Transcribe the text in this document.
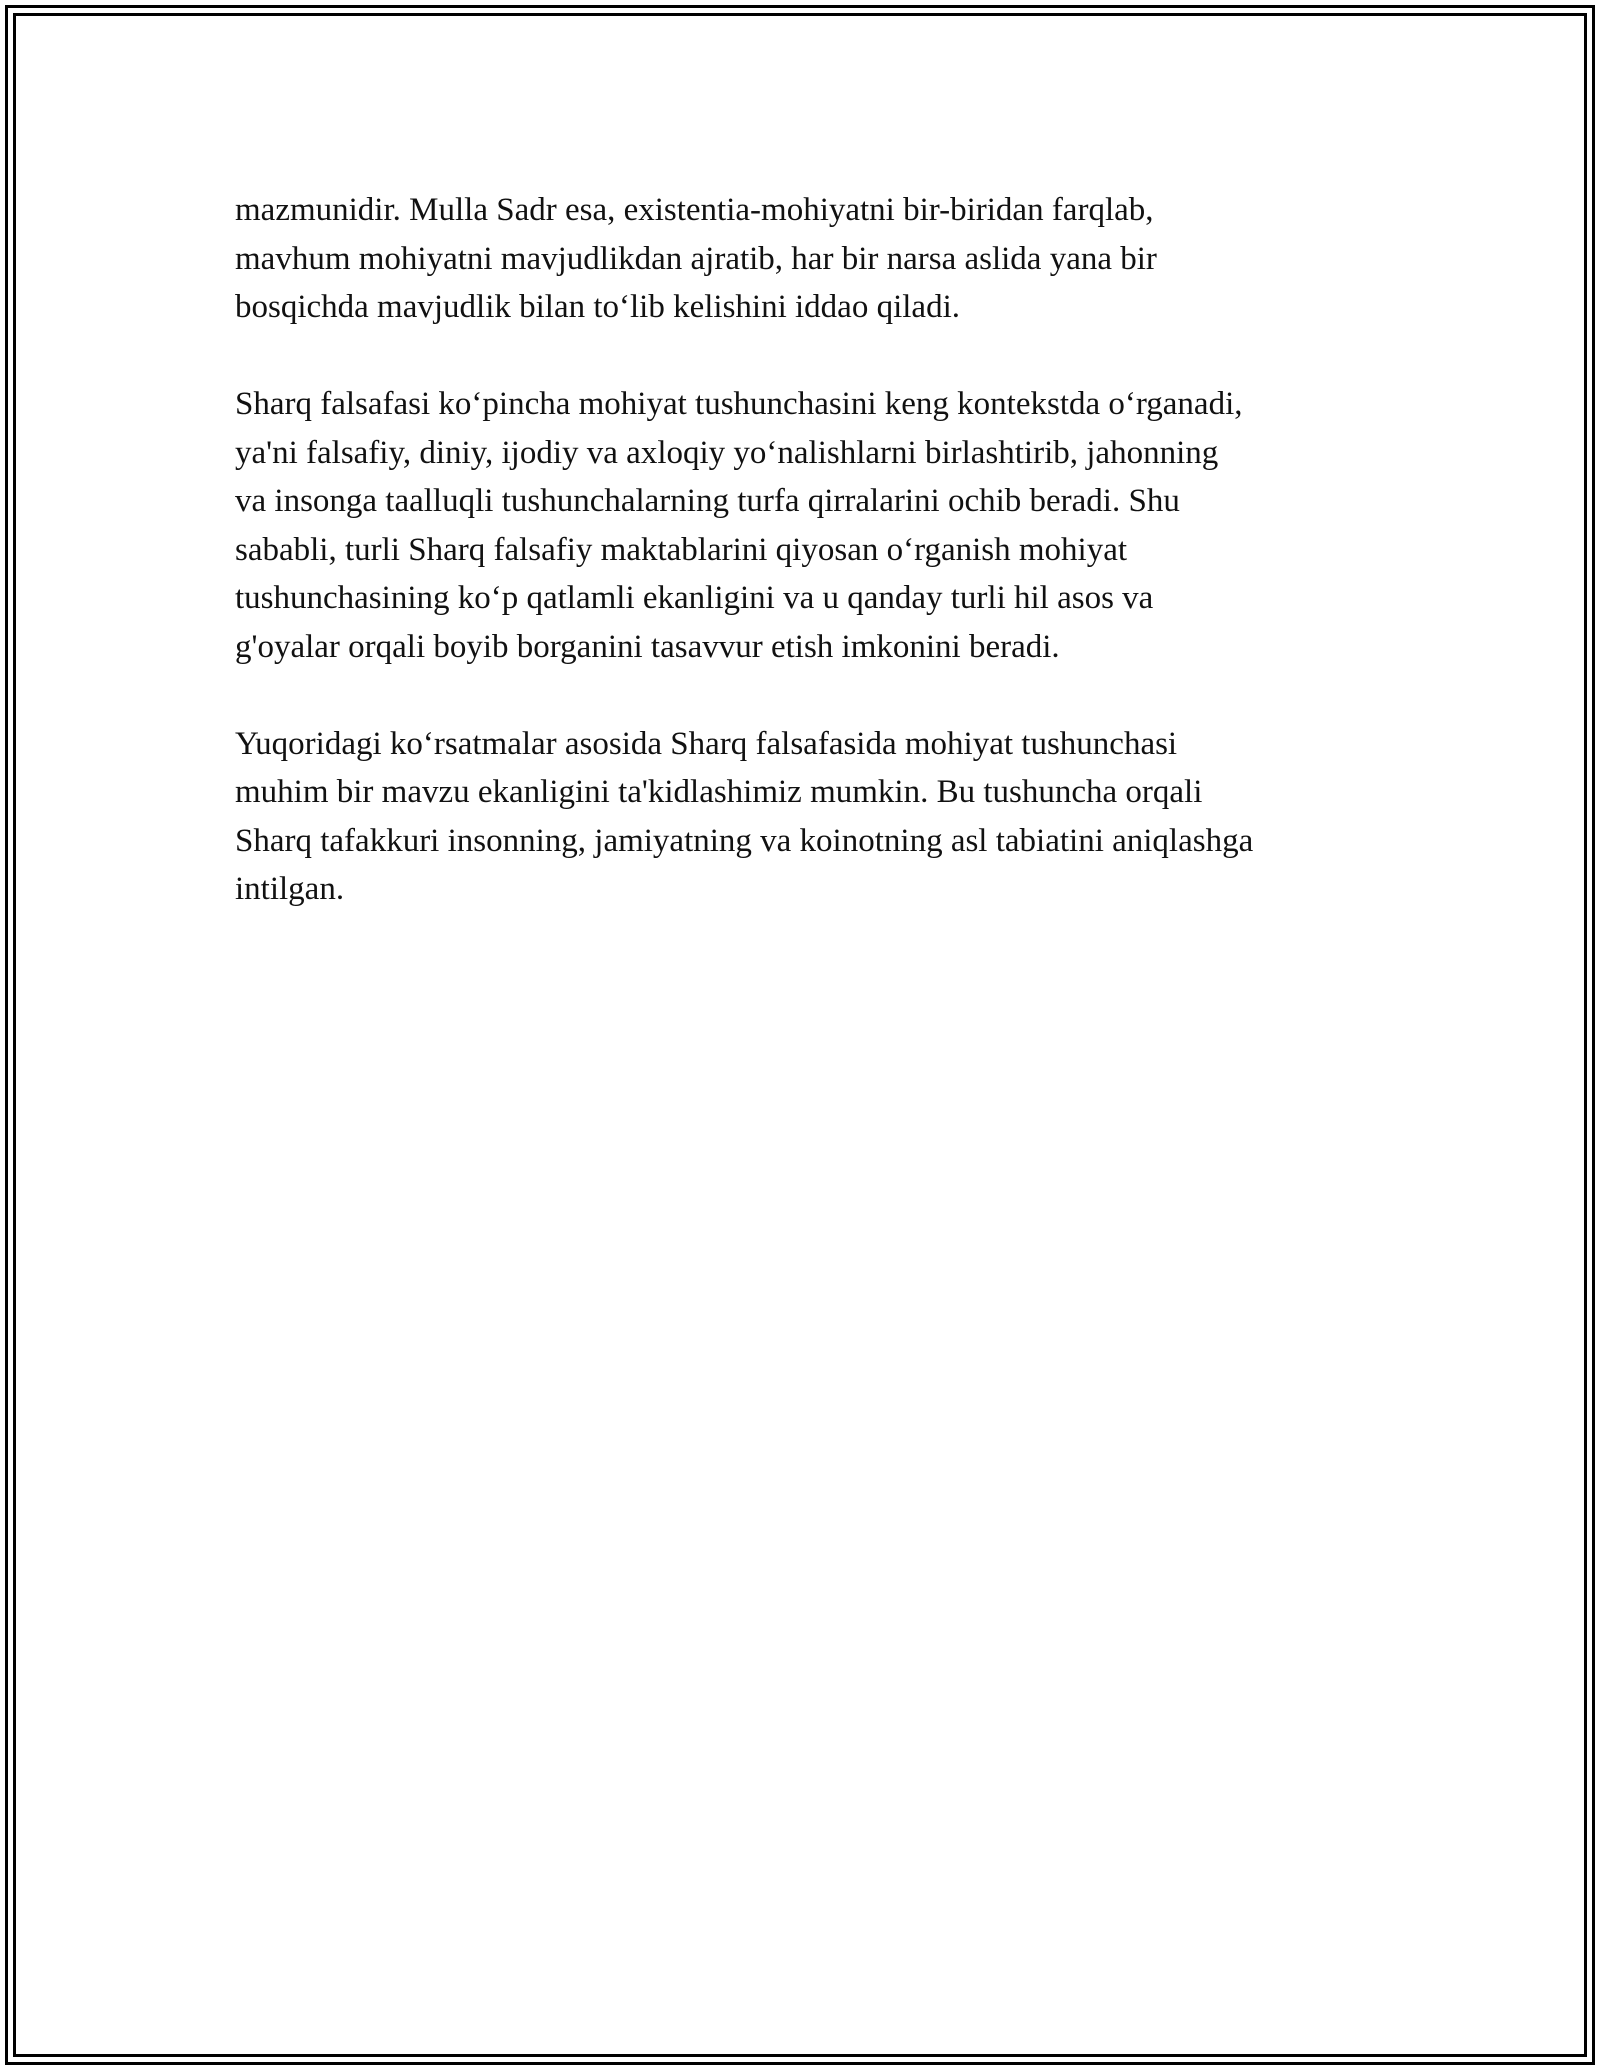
mazmunidir. Mulla Sadr esa, existentia-mohiyatni bir-biridan farqlab,
mavhum mohiyatni mavjudlikdan ajratib, har bir narsa aslida yana bir
bosqichda mavjudlik bilan to‘lib kelishini iddao qiladi.

Sharq falsafasi ko‘pincha mohiyat tushunchasini keng kontekstda o‘rganadi,
ya'ni falsafiy, diniy, ijodiy va axloqiy yo‘nalishlarni birlashtirib, jahonning
va insonga taalluqli tushunchalarning turfa qirralarini ochib beradi. Shu
sababli, turli Sharq falsafiy maktablarini qiyosan o‘rganish mohiyat
tushunchasining ko‘p qatlamli ekanligini va u qanday turli hil asos va
g'oyalar orqali boyib borganini tasavvur etish imkonini beradi.

Yuqoridagi ko‘rsatmalar asosida Sharq falsafasida mohiyat tushunchasi
muhim bir mavzu ekanligini ta'kidlashimiz mumkin. Bu tushuncha orqali
Sharq tafakkuri insonning, jamiyatning va koinotning asl tabiatini aniqlashga
intilgan.
